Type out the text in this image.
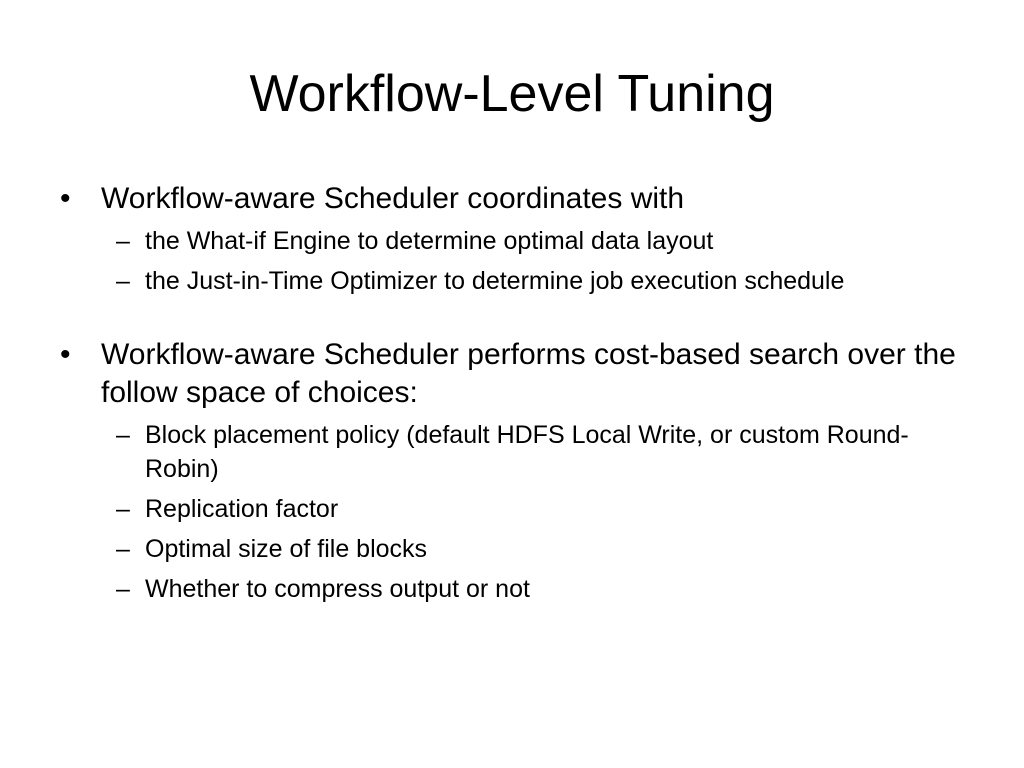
Workflow-Level Tuning
• Workflow-aware Scheduler coordinates with
– the What-if Engine to determine optimal data layout
– the Just-in-Time Optimizer to determine job execution schedule
• Workflow-aware Scheduler performs cost-based search over the follow space of choices:
– Block placement policy (default HDFS Local Write, or custom Round-Robin)
– Replication factor
– Optimal size of file blocks
– Whether to compress output or not
